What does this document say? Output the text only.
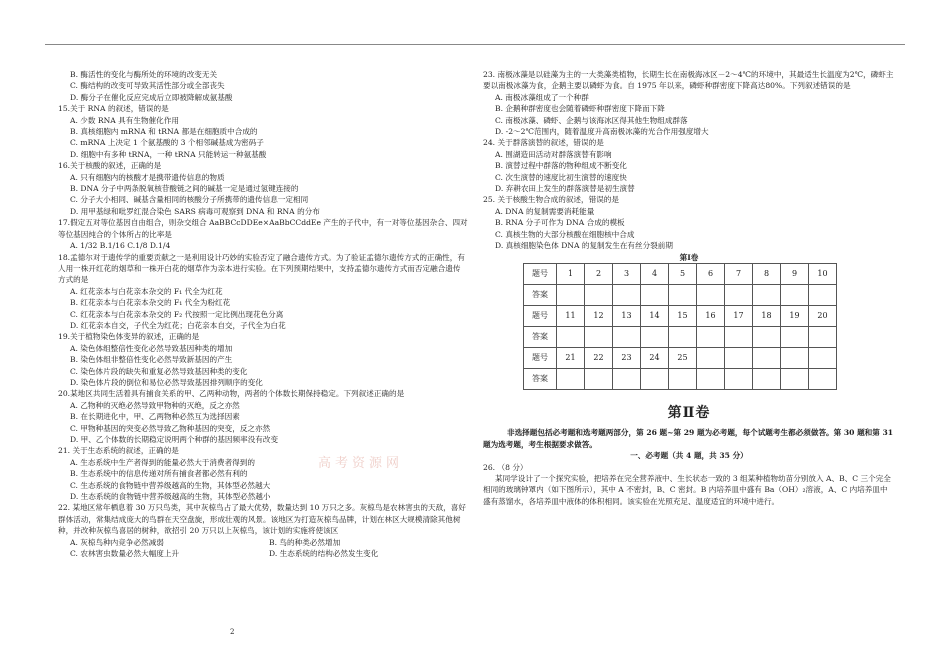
B. 酶活性的变化与酶所处的环境的改变无关

C. 酶结构的改变可导致其活性部分或全部丧失

D. 酶分子在催化反应完成后立即被降解成氨基酸

15.关于 RNA 的叙述，错误的是

A. 少数 RNA 具有生物催化作用

B. 真核细胞内 mRNA 和 tRNA 都是在细胞质中合成的

C. mRNA 上决定 1 个氨基酸的 3 个相邻碱基成为密码子

D. 细胞中有多种 tRNA，一种 tRNA 只能转运一种氨基酸

16.关于核酸的叙述，正确的是

A. 只有细胞内的核酸才是携带遗传信息的物质

B. DNA 分子中两条脱氧核苷酸链之间的碱基一定是通过氢键连接的

C. 分子大小相同、碱基含量相同的核酸分子所携带的遗传信息一定相同

D. 用甲基绿和吡罗红混合染色 SARS 病毒可观察到 DNA 和 RNA 的分布

17.假定五对等位基因自由组合，则杂交组合 AaBBCcDDEe×AaBbCCddEe 产生的子代中，有一对等位基因杂合、四对等位基因纯合的个体所占的比率是

A. 1/32 B.1/16 C.1/8 D.1/4

18.孟德尔对于遗传学的重要贡献之一是利用设计巧妙的实验否定了融合遗传方式。为了验证孟德尔遗传方式的正确性，有人用一株开红花的烟草和一株开白花的烟草作为亲本进行实验。在下列预期结果中，支持孟德尔遗传方式而否定融合遗传方式的是

A. 红花亲本与白花亲本杂交的 F₁ 代全为红花

B. 红花亲本与白花亲本杂交的 F₁ 代全为粉红花

C. 红花亲本与白花亲本杂交的 F₂ 代按照一定比例出现花色分离

D. 红花亲本自交，子代全为红花；白花亲本自交，子代全为白花

19.关于植物染色体变异的叙述，正确的是

A. 染色体组整倍性变化必然导致基因种类的增加

B. 染色体组非整倍性变化必然导致新基因的产生

C. 染色体片段的缺失和重复必然导致基因种类的变化

D. 染色体片段的倒位和易位必然导致基因排列顺序的变化

20.某地区共同生活着具有捕食关系的甲、乙两种动物，两者的个体数长期保持稳定。下列叙述正确的是

A. 乙物种的灭绝必然导致甲物种的灭绝，反之亦然

B. 在长期进化中，甲、乙两物种必然互为选择因素

C. 甲物种基因的突变必然导致乙物种基因的突变，反之亦然

D. 甲、乙个体数的长期稳定说明两个种群的基因频率没有改变

21. 关于生态系统的叙述，正确的是

A. 生态系统中生产者得到的能量必然大于消费者得到的

B. 生态系统中的信息传递对所有捕食者都必然有利的

C. 生态系统的食物链中营养级越高的生物，其体型必然越大

D. 生态系统的食物链中营养级越高的生物，其体型必然越小

22. 某地区常年栖息着 30 万只鸟类，其中灰椋鸟占了最大优势，数量达到 10 万只之多。灰椋鸟是农林害虫的天敌，喜好群体活动，常集结成庞大的鸟群在天空盘旋，形成壮观的风景。该地区为打造灰椋鸟品牌，计划在林区大规模清除其他树种，并改种灰椋鸟喜居的树种，欲招引 20 万只以上灰椋鸟，该计划的实施将使该区

A. 灰椋鸟种内竞争必然减弱	B. 鸟的种类必然增加
C. 农林害虫数量必然大幅度上升	D. 生态系统的结构必然发生变化

23. 南极冰藻是以硅藻为主的一大类藻类植物，长期生长在南极海冰区－2～4℃的环境中，其最适生长温度为2℃，磷虾主要以南极冰藻为食，企鹅主要以磷虾为食。自 1975 年以来，磷虾种群密度下降高达80%。下列叙述错误的是

A. 南极冰藻组成了一个种群

B. 企鹅种群密度也会随着磷虾种群密度下降而下降

C. 南极冰藻、磷虾、企鹅与该海冰区得其他生物组成群落

D. -2～2℃范围内，随着温度升高南极冰藻的光合作用强度增大

24. 关于群落演替的叙述，错误的是

A. 围湖造田活动对群落演替有影响

B. 演替过程中群落的物种组成不断变化

C. 次生演替的速度比初生演替的速度快

D. 弃耕农田上发生的群落演替是初生演替

25. 关于核酸生物合成的叙述，错误的是

A. DNA 的复制需要消耗能量

B. RNA 分子可作为 DNA 合成的模板

C. 真核生物的大部分核酸在细胞核中合成

D. 真核细胞染色体 DNA 的复制发生在有丝分裂前期

第Ⅰ卷

题号	1	2	3	4	5	6	7	8	9	10
答案										
题号	11	12	13	14	15	16	17	18	19	20
答案										
题号	21	22	23	24	25					
答案										
第Ⅱ卷

非选择题包括必考题和选考题两部分，第 26 题~第 29 题为必考题，每个试题考生都必须做答。第 30 题和第 31 题为选考题，考生根据要求做答。

一、必考题（共 4 题，共 35 分）

26. （8 分）

某同学设计了一个探究实验，把培养在完全营养液中、生长状态一致的 3 组某种植物幼苗分别放入 A、B、C 三个完全相同的玻璃钟罩内（如下图所示），其中 A 不密封，B、C 密封。B 内培养皿中盛有 Ba（OH）₂溶液，A、C 内培养皿中盛有蒸馏水，各培养皿中液体的体积相同。该实验在光照充足、温度适宜的环境中进行。

高考资源网
2
